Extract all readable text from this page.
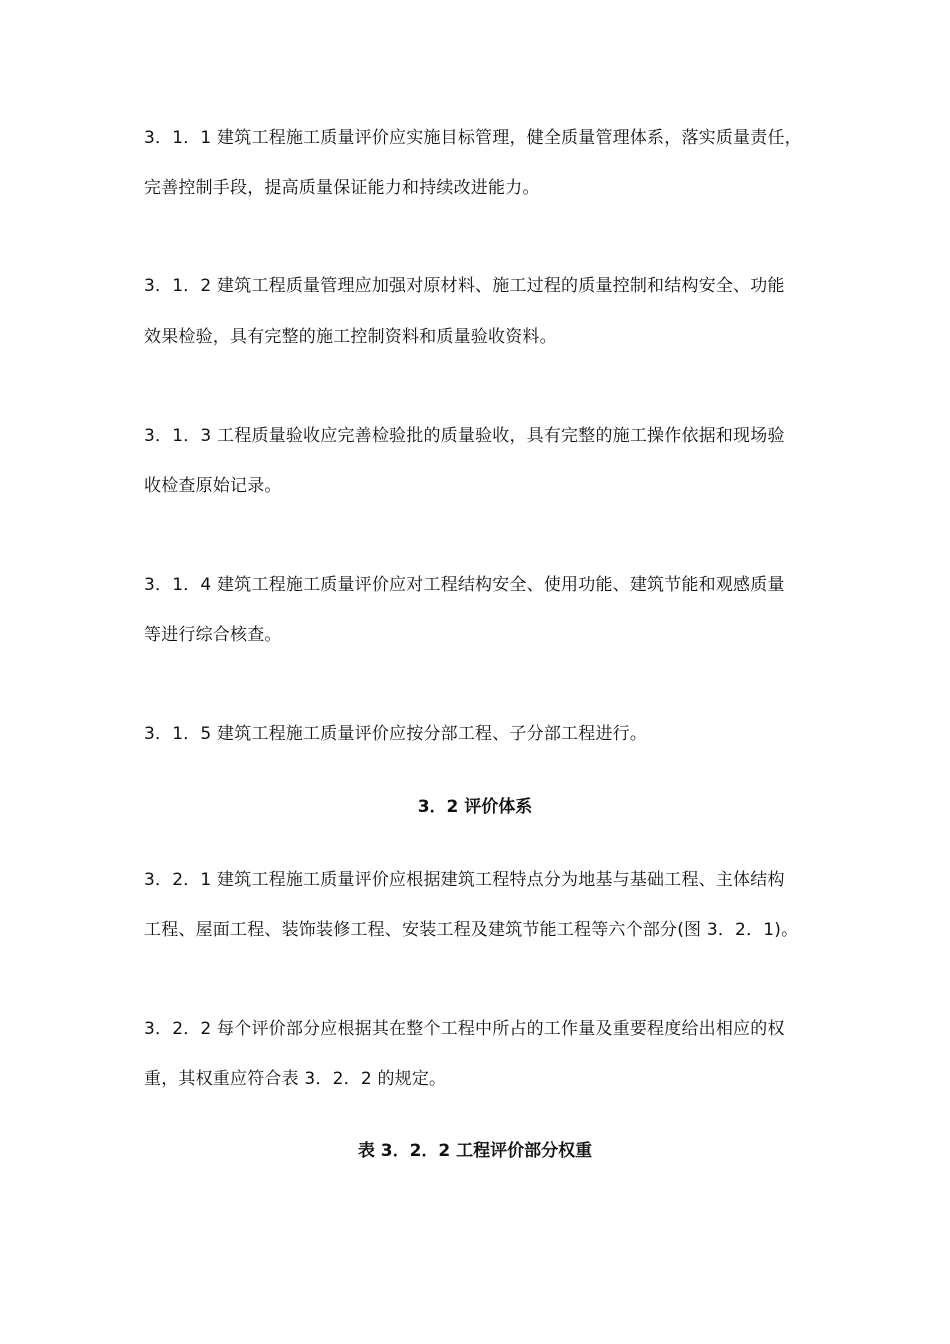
3．1．1 建筑工程施工质量评价应实施目标管理，健全质量管理体系，落实质量责任，
完善控制手段，提高质量保证能力和持续改进能力。
3．1．2 建筑工程质量管理应加强对原材料、施工过程的质量控制和结构安全、功能
效果检验，具有完整的施工控制资料和质量验收资料。
3．1．3 工程质量验收应完善检验批的质量验收，具有完整的施工操作依据和现场验
收检查原始记录。
3．1．4 建筑工程施工质量评价应对工程结构安全、使用功能、建筑节能和观感质量
等进行综合核查。
3．1．5 建筑工程施工质量评价应按分部工程、子分部工程进行。
3．2 评价体系
3．2．1 建筑工程施工质量评价应根据建筑工程特点分为地基与基础工程、主体结构
工程、屋面工程、装饰装修工程、安装工程及建筑节能工程等六个部分(图 3．2．1)。
3．2．2 每个评价部分应根据其在整个工程中所占的工作量及重要程度给出相应的权
重，其权重应符合表 3．2．2 的规定。
表 3．2．2 工程评价部分权重
